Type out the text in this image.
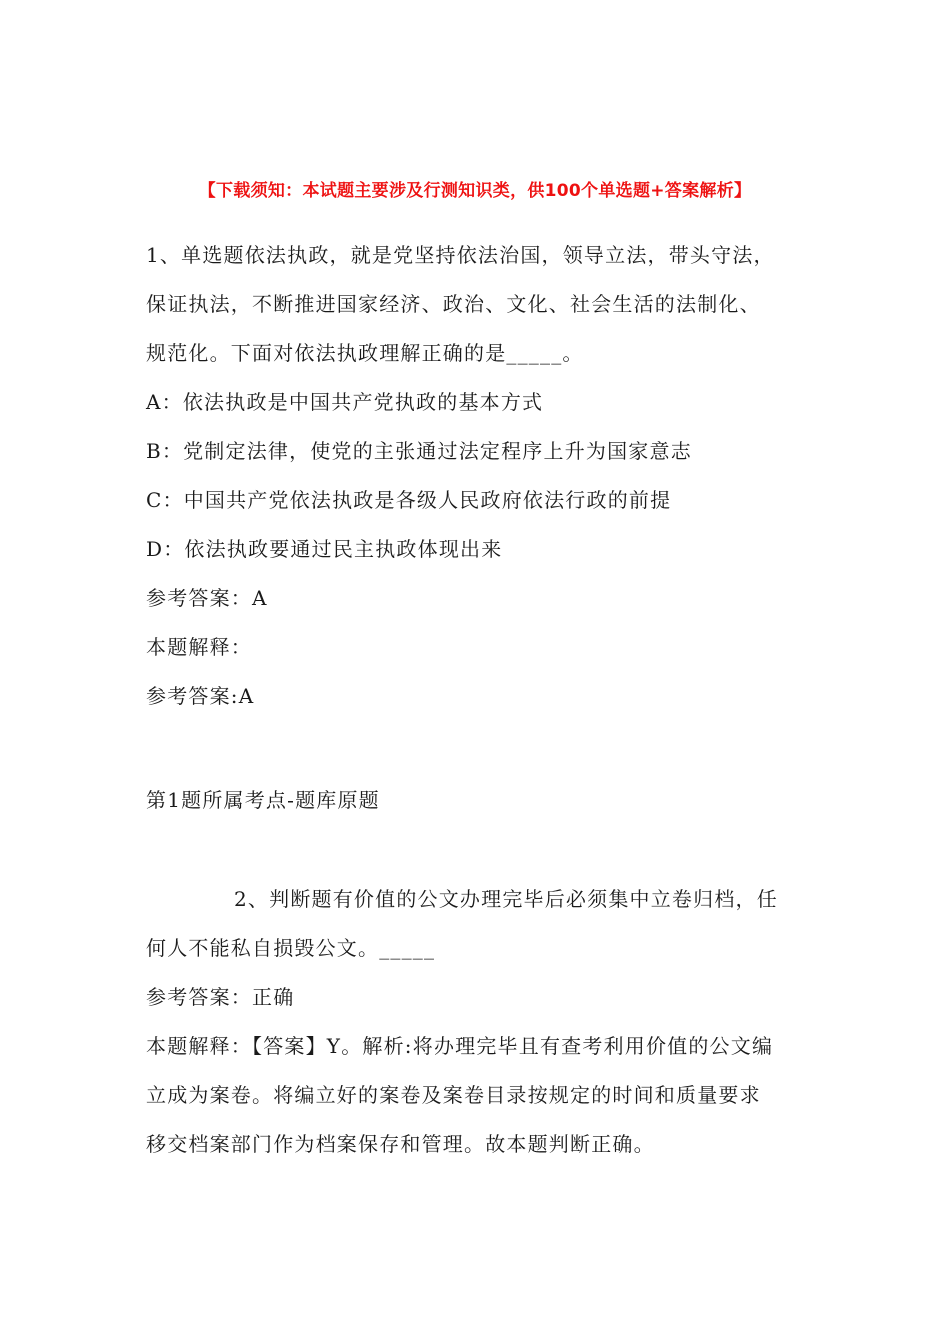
【下载须知：本试题主要涉及行测知识类，供100个单选题+答案解析】
1、单选题依法执政，就是党坚持依法治国，领导立法，带头守法，
保证执法，不断推进国家经济、政治、文化、社会生活的法制化、
规范化。下面对依法执政理解正确的是_____。
A：依法执政是中国共产党执政的基本方式
B：党制定法律，使党的主张通过法定程序上升为国家意志
C：中国共产党依法执政是各级人民政府依法行政的前提
D：依法执政要通过民主执政体现出来
参考答案：A
本题解释：
参考答案:A
第1题所属考点-题库原题
2、判断题有价值的公文办理完毕后必须集中立卷归档，任
何人不能私自损毁公文。_____
参考答案：正确
本题解释：【答案】Y。解析:将办理完毕且有查考利用价值的公文编
立成为案卷。将编立好的案卷及案卷目录按规定的时间和质量要求
移交档案部门作为档案保存和管理。故本题判断正确。
